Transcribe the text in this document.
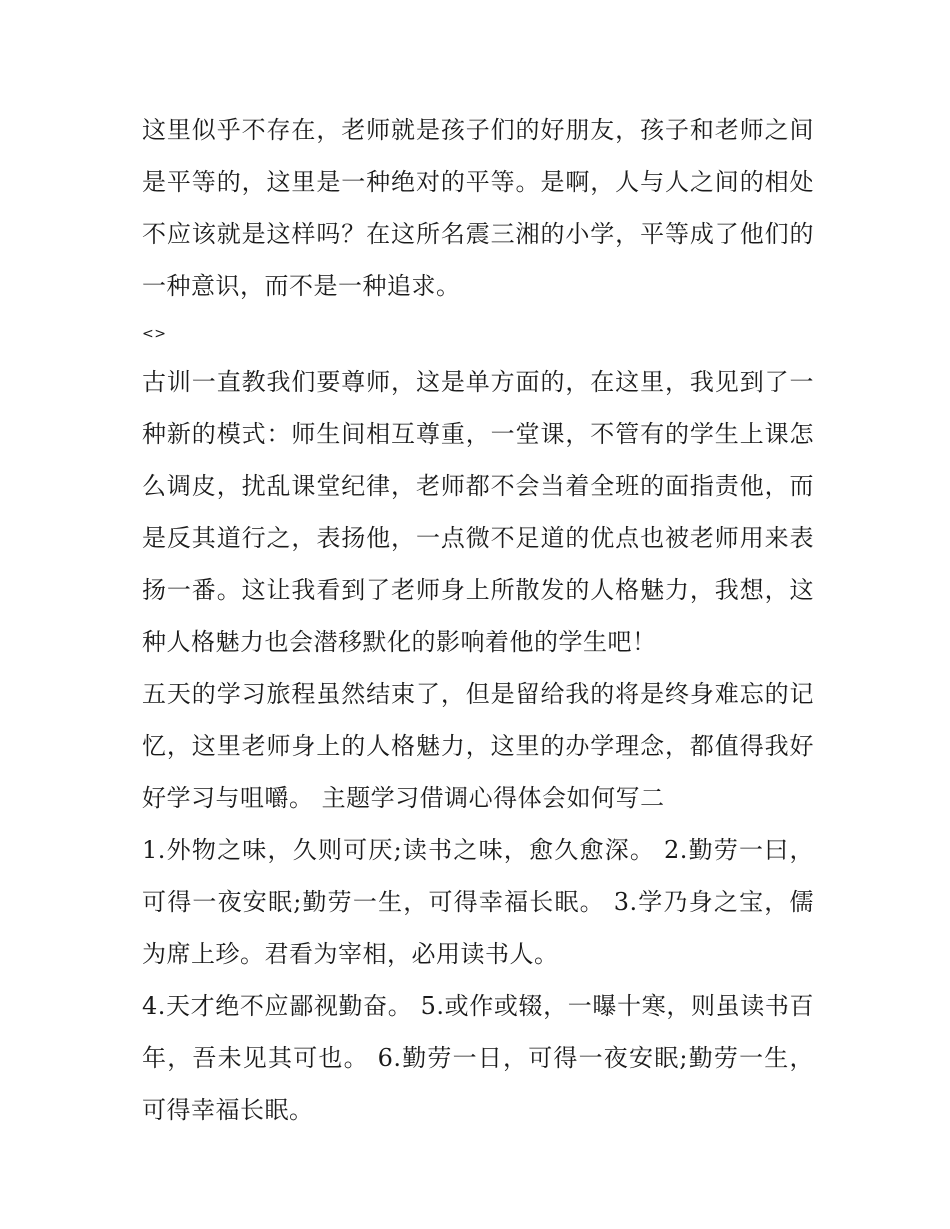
这里似乎不存在，老师就是孩子们的好朋友，孩子和老师之间是平等的，这里是一种绝对的平等。是啊，人与人之间的相处不应该就是这样吗？在这所名震三湘的小学，平等成了他们的一种意识，而不是一种追求。

<>

古训一直教我们要尊师，这是单方面的，在这里，我见到了一种新的模式：师生间相互尊重，一堂课，不管有的学生上课怎么调皮，扰乱课堂纪律，老师都不会当着全班的面指责他，而是反其道行之，表扬他，一点微不足道的优点也被老师用来表扬一番。这让我看到了老师身上所散发的人格魅力，我想，这种人格魅力也会潜移默化的影响着他的学生吧！

五天的学习旅程虽然结束了，但是留给我的将是终身难忘的记忆，这里老师身上的人格魅力，这里的办学理念，都值得我好好学习与咀嚼。 主题学习借调心得体会如何写二

1.外物之味，久则可厌;读书之味，愈久愈深。 2.勤劳一曰，可得一夜安眠;勤劳一生，可得幸福长眠。 3.学乃身之宝，儒为席上珍。君看为宰相，必用读书人。

4.天才绝不应鄙视勤奋。 5.或作或辍，一曝十寒，则虽读书百年，吾未见其可也。 6.勤劳一日，可得一夜安眠;勤劳一生，可得幸福长眠。
